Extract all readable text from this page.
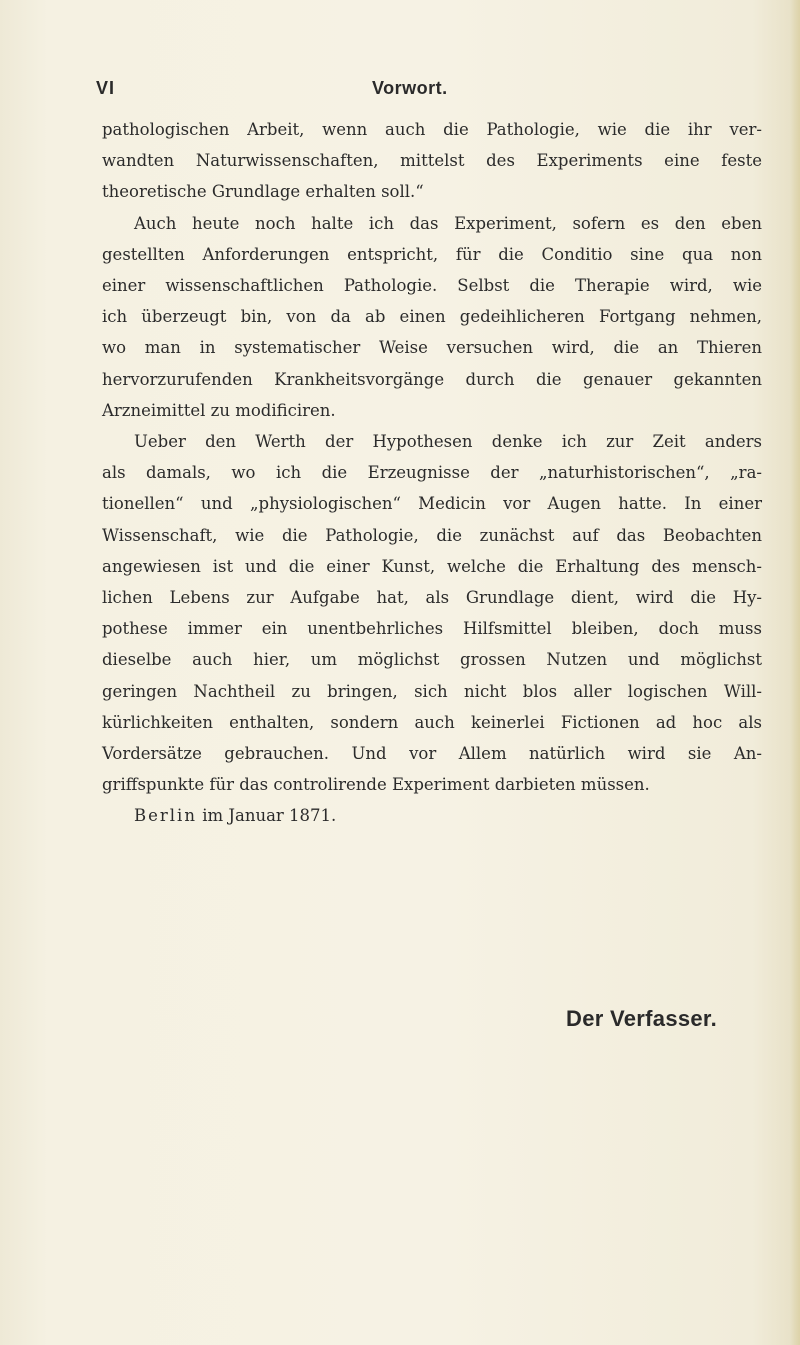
VI	Vorwort.
pathologischen Arbeit, wenn auch die Pathologie, wie die ihr ver-
wandten Naturwissenschaften, mittelst des Experiments eine feste
theoretische Grundlage erhalten soll.“
Auch heute noch halte ich das Experiment, sofern es den eben
gestellten Anforderungen entspricht, für die Conditio sine qua non
einer wissenschaftlichen Pathologie. Selbst die Therapie wird, wie
ich überzeugt bin, von da ab einen gedeihlicheren Fortgang nehmen,
wo man in systematischer Weise versuchen wird, die an Thieren
hervorzurufenden Krankheitsvorgänge durch die genauer gekannten
Arzneimittel zu modificiren.
Ueber den Werth der Hypothesen denke ich zur Zeit anders
als damals, wo ich die Erzeugnisse der „naturhistorischen“, „ra-
tionellen“ und „physiologischen“ Medicin vor Augen hatte. In einer
Wissenschaft, wie die Pathologie, die zunächst auf das Beobachten
angewiesen ist und die einer Kunst, welche die Erhaltung des mensch-
lichen Lebens zur Aufgabe hat, als Grundlage dient, wird die Hy-
pothese immer ein unentbehrliches Hilfsmittel bleiben, doch muss
dieselbe auch hier, um möglichst grossen Nutzen und möglichst
geringen Nachtheil zu bringen, sich nicht blos aller logischen Will-
kürlichkeiten enthalten, sondern auch keinerlei Fictionen ad hoc als
Vordersätze gebrauchen. Und vor Allem natürlich wird sie An-
griffspunkte für das controlirende Experiment darbieten müssen.
Berlin im Januar 1871.
Der Verfasser.
